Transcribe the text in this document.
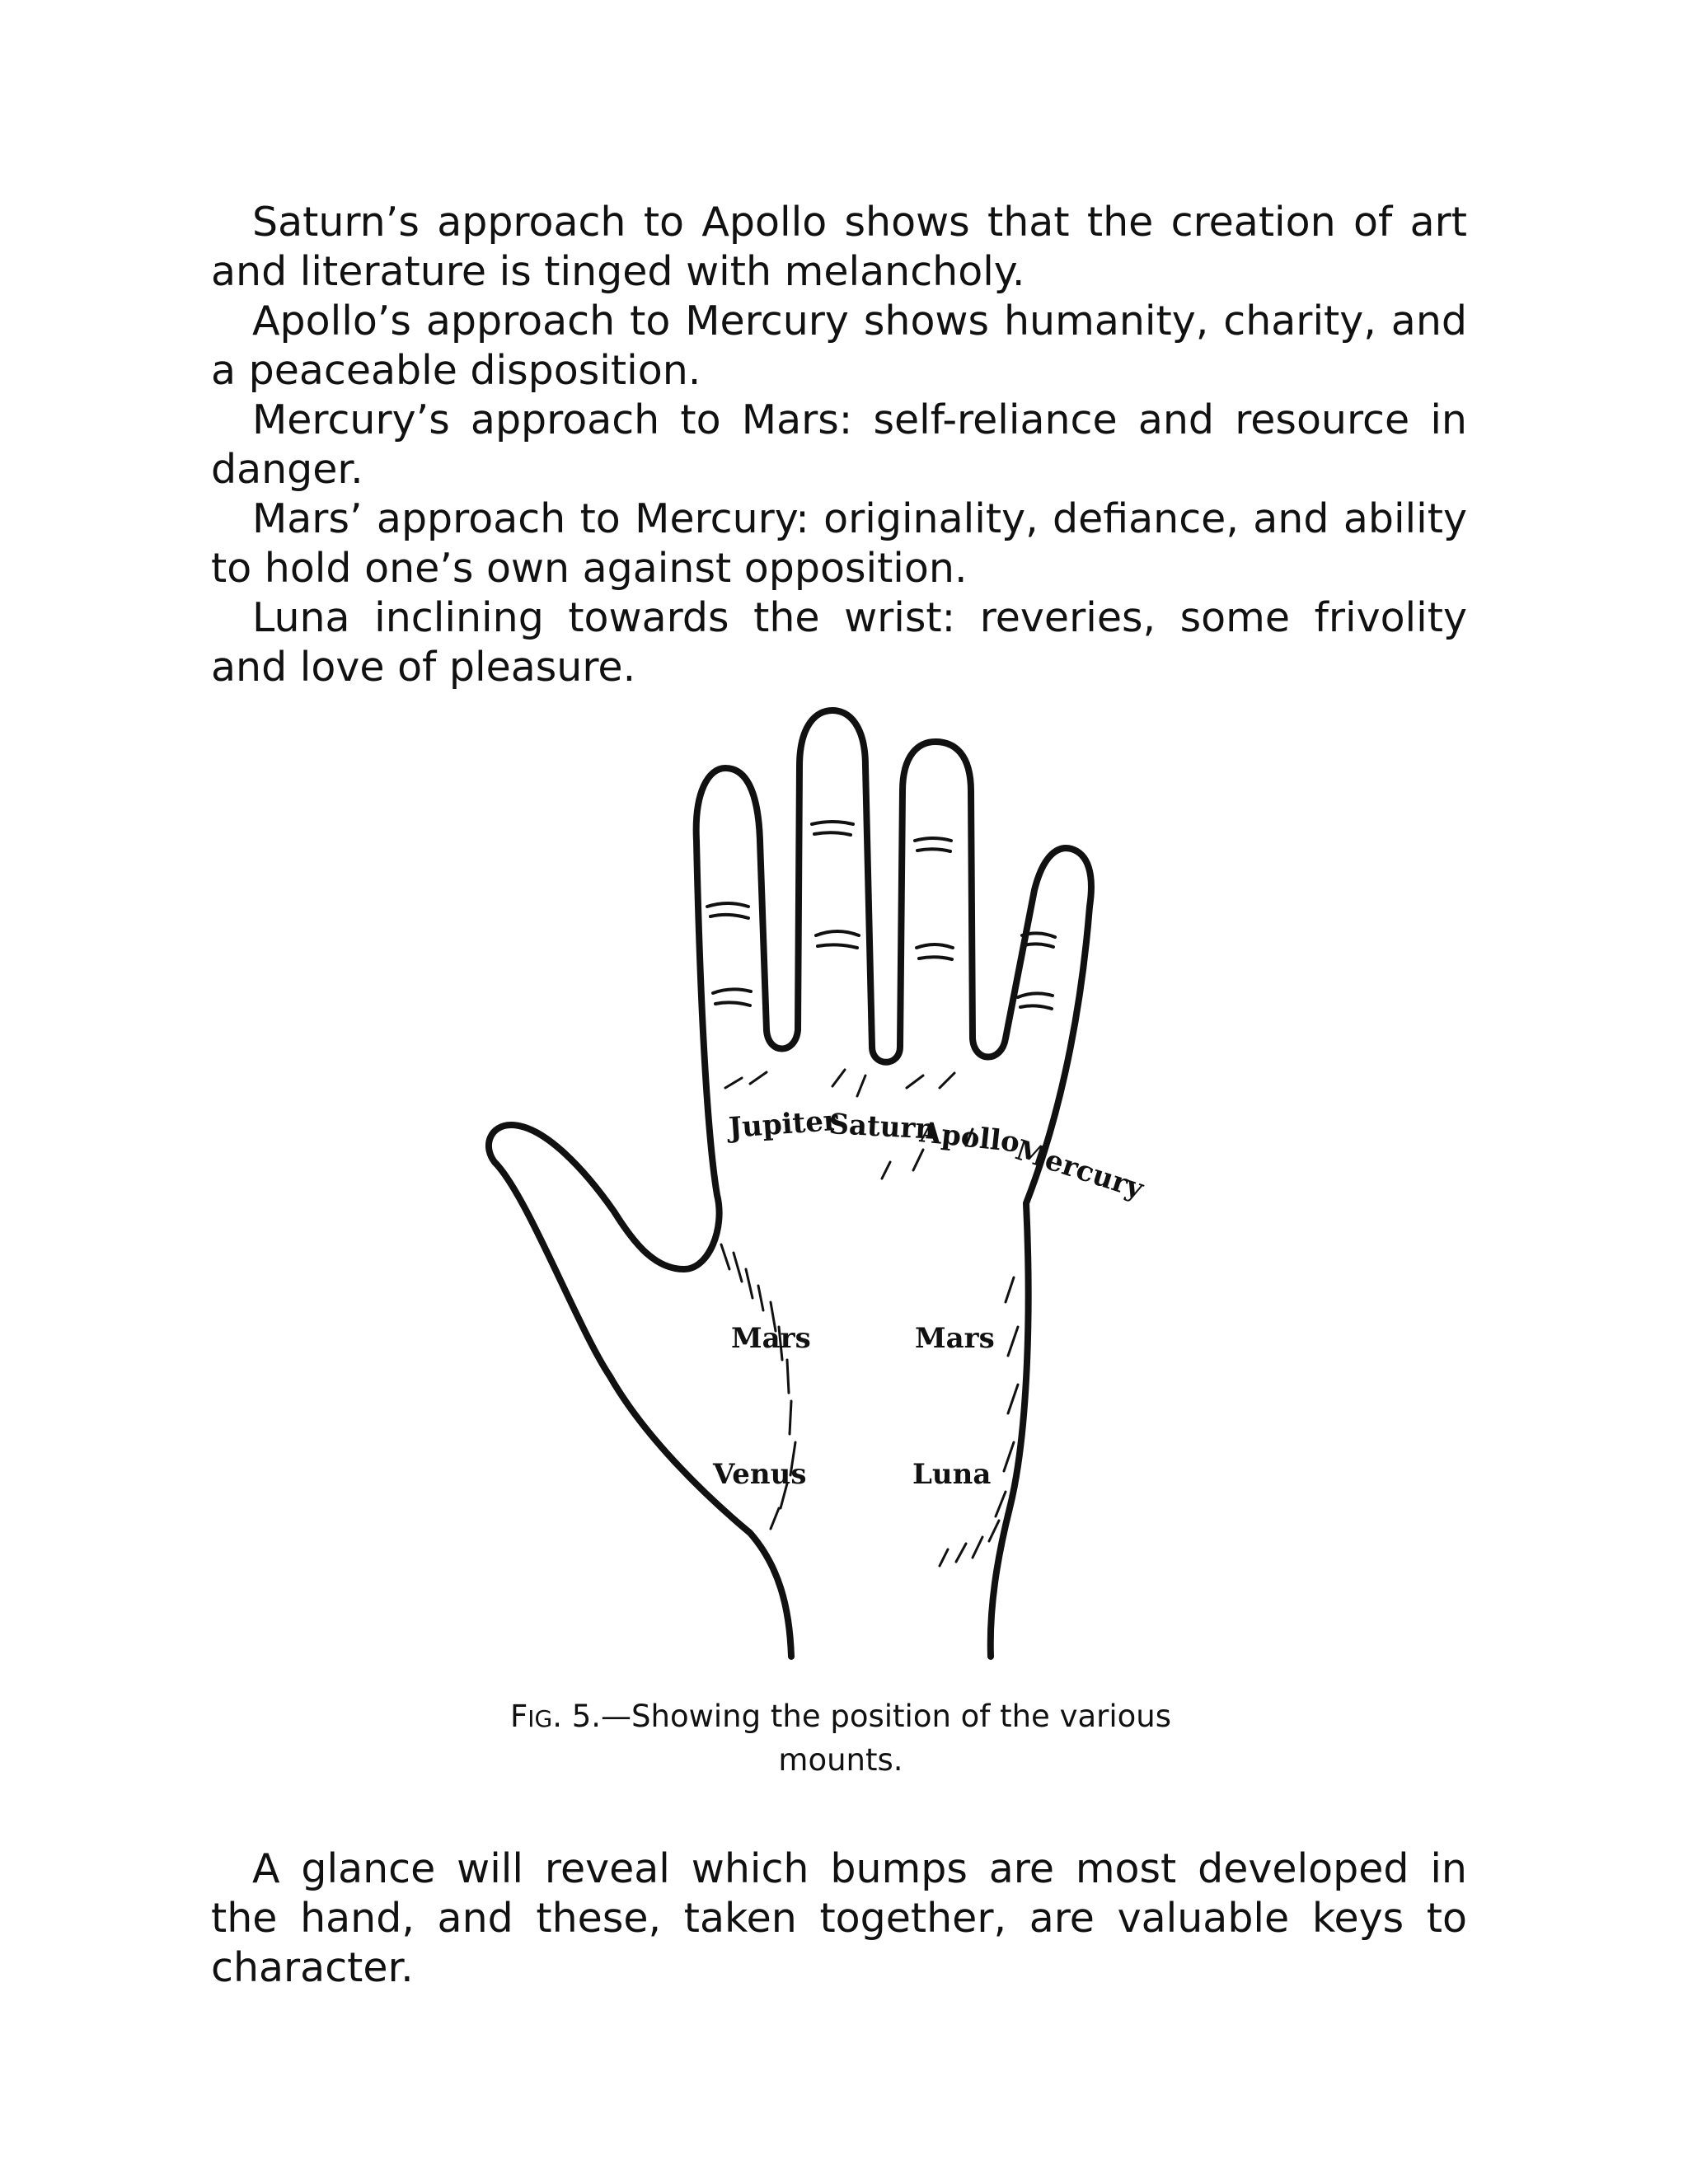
Saturn’s approach to Apollo shows that the creation of art and literature is tinged with melancholy.

Apollo’s approach to Mercury shows humanity, charity, and a peaceable disposition.

Mercury’s approach to Mars: self-reliance and resource in danger.

Mars’ approach to Mercury: originality, defiance, and ability to hold one’s own against opposition.

Luna inclining towards the wrist: reveries, some frivolity and love of pleasure.

Jupiter
Saturn
Apollo
Mercury
Mars	Mars
Venus	Luna
FIG. 5.—Showing the position of the various mounts.

A glance will reveal which bumps are most developed in the hand, and these, taken together, are valuable keys to character.
